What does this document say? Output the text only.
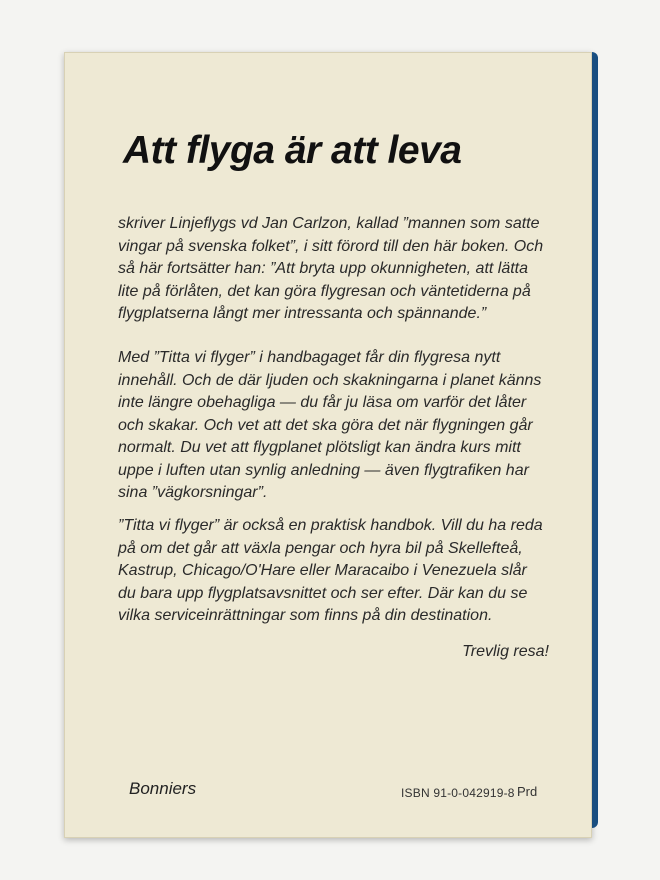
Att flyga är att leva

skriver Linjeflygs vd Jan Carlzon, kallad ”mannen som satte vingar på svenska folket”, i sitt förord till den här boken. Och så här fortsätter han: ”Att bryta upp okunnigheten, att lätta lite på förlåten, det kan göra flygresan och väntetiderna på flygplatserna långt mer intressanta och spännande.”

Med ”Titta vi flyger” i handbagaget får din flygresa nytt innehåll. Och de där ljuden och skakningarna i planet känns inte längre obehagliga — du får ju läsa om varför det låter och skakar. Och vet att det ska göra det när flygningen går normalt. Du vet att flygplanet plötsligt kan ändra kurs mitt uppe i luften utan synlig anledning — även flygtrafiken har sina ”vägkorsningar”.

”Titta vi flyger” är också en praktisk handbok. Vill du ha reda på om det går att växla pengar och hyra bil på Skellefteå, Kastrup, Chicago/O'Hare eller Maracaibo i Venezuela slår du bara upp flygplatsavsnittet och ser efter. Där kan du se vilka serviceinrättningar som finns på din destination.

Trevlig resa!
Bonniers	ISBN 91-0-042919-8 Prd
